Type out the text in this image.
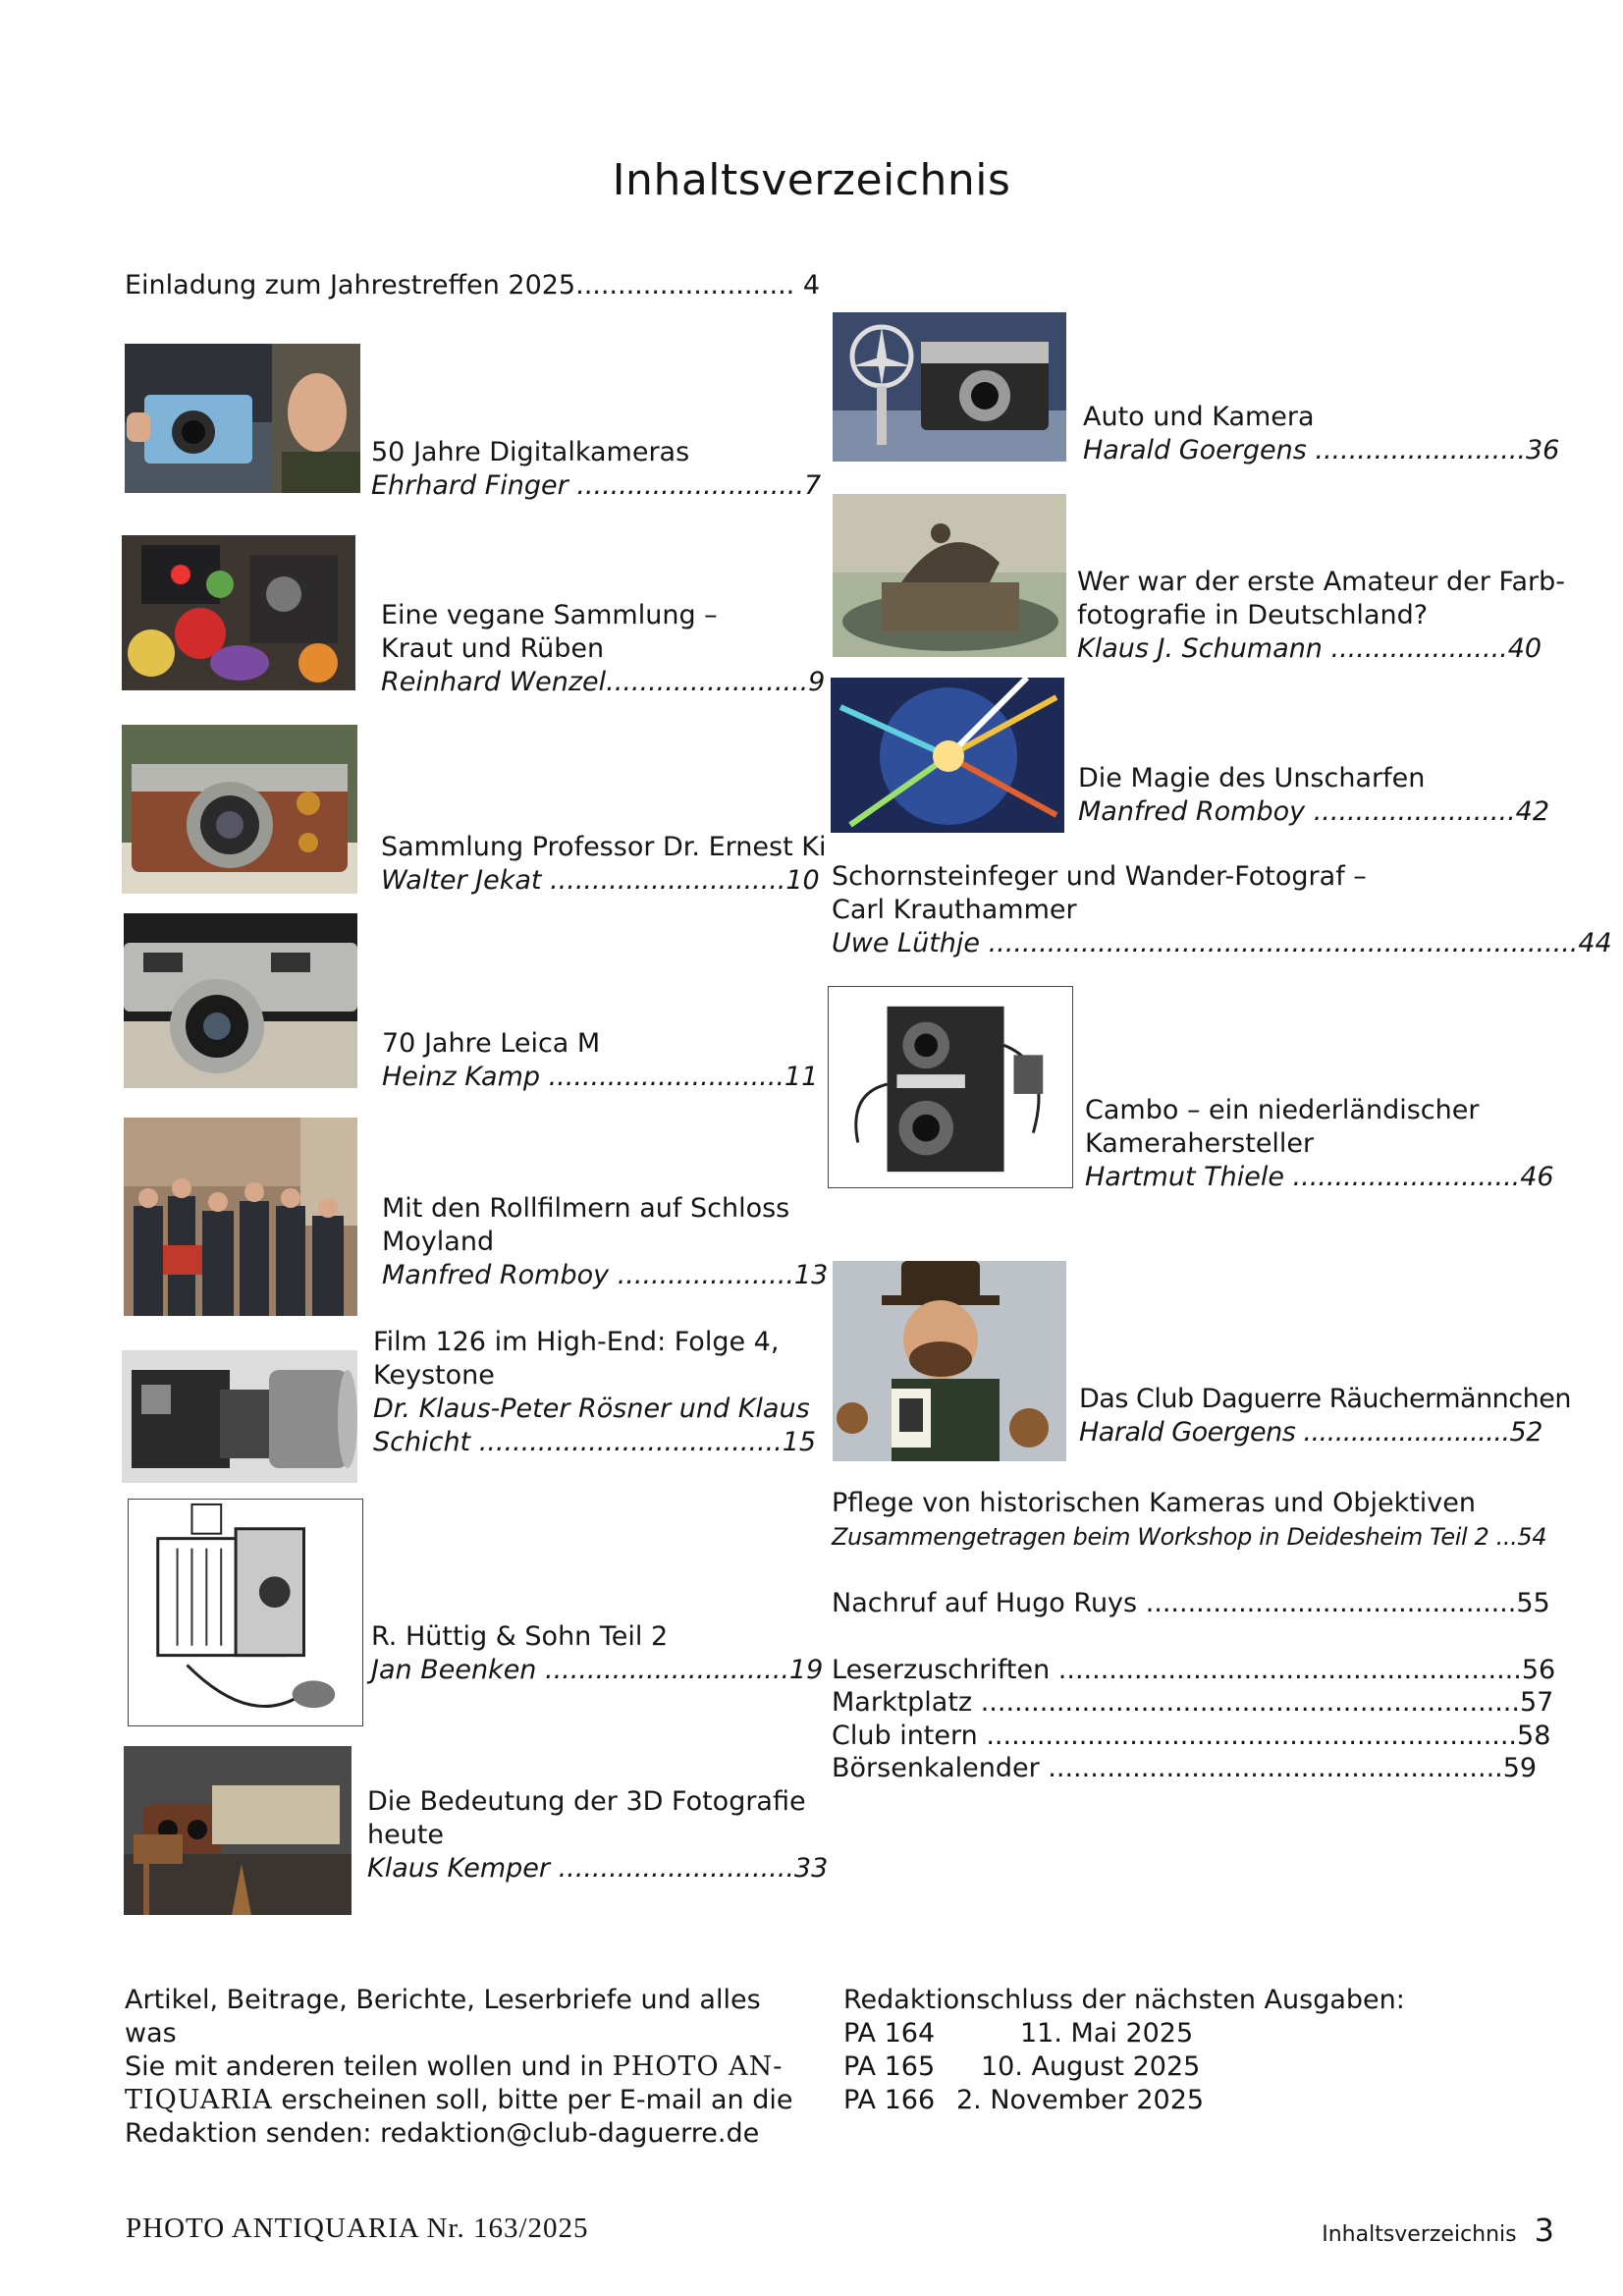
Inhaltsverzeichnis
Einladung zum Jahrestreffen 2025.......................... 4
50 Jahre Digitalkameras
Ehrhard Finger ...........................7
Eine vegane Sammlung –
Kraut und Rüben
Reinhard Wenzel........................9
Sammlung Professor Dr. Ernest Ki
Walter Jekat ............................10
70 Jahre Leica M
Heinz Kamp ............................11
Mit den Rollfilmern auf Schloss
Moyland
Manfred Romboy .....................13
Film 126 im High-End: Folge 4,
Keystone
Dr. Klaus-Peter Rösner und Klaus
Schicht ....................................15
R. Hüttig & Sohn Teil 2
Jan Beenken .............................19
Die Bedeutung der 3D Fotografie
heute
Klaus Kemper ............................33
Auto und Kamera
Harald Goergens .........................36
Wer war der erste Amateur der Farb-
fotografie in Deutschland?
Klaus J. Schumann .....................40
Die Magie des Unscharfen
Manfred Romboy ........................42
Schornsteinfeger und Wander-Fotograf –
Carl Krauthammer
Uwe Lüthje ......................................................................44
Cambo – ein niederländischer
Kamerahersteller
Hartmut Thiele ...........................46
Das Club Daguerre Räuchermännchen
Harald Goergens ..........................52
Pflege von historischen Kameras und Objektiven
Zusammengetragen beim Workshop in Deidesheim Teil 2 ...54
Nachruf auf Hugo Ruys ............................................55
Leserzuschriften .......................................................56
Marktplatz ................................................................57
Club intern ...............................................................58
Börsenkalender ......................................................59
Artikel, Beitrage, Berichte, Leserbriefe und alles was
Sie mit anderen teilen wollen und in PHOTO AN-
TIQUARIA erscheinen soll, bitte per E-mail an die
Redaktion senden: redaktion@club-daguerre.de
Redaktionschluss der nächsten Ausgaben:
PA 164	11. Mai 2025
PA 165 10. August 2025
PA 166 2. November 2025
PHOTO ANTIQUARIA Nr. 163/2025	Inhaltsverzeichnis 3
